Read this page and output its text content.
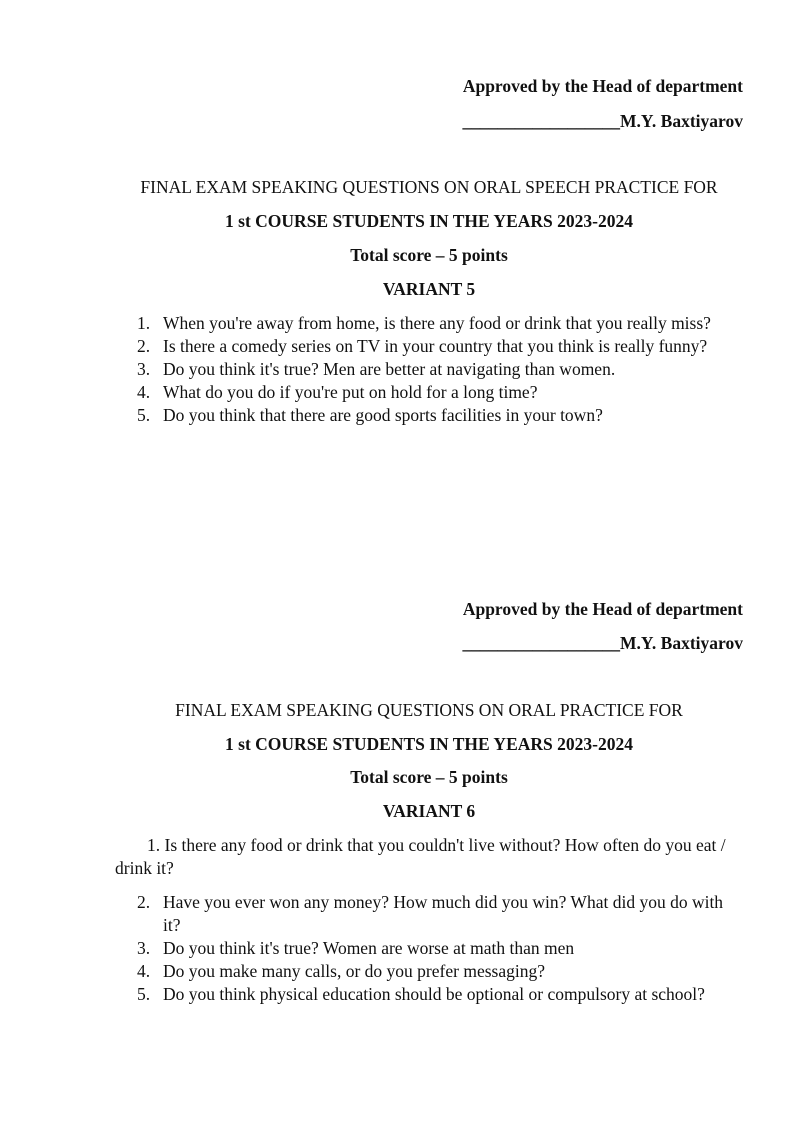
Approved by the Head of department
__________________M.Y. Baxtiyarov
FINAL EXAM SPEAKING QUESTIONS ON ORAL SPEECH PRACTICE FOR
1 st COURSE STUDENTS IN THE YEARS 2023-2024
Total score – 5 points
VARIANT 5
1. When you're away from home, is there any food or drink that you really miss?
2. Is there a comedy series on TV in your country that you think is really funny?
3. Do you think it's true? Men are better at navigating than women.
4. What do you do if you're put on hold for a long time?
5. Do you think that there are good sports facilities in your town?
Approved by the Head of department
__________________M.Y. Baxtiyarov
FINAL EXAM SPEAKING QUESTIONS ON ORAL PRACTICE FOR
1 st COURSE STUDENTS IN THE YEARS 2023-2024
Total score – 5 points
VARIANT 6
1. Is there any food or drink that you couldn't live without? How often do you eat / drink it?
2. Have you ever won any money? How much did you win? What did you do with it?
3. Do you think it's true? Women are worse at math than men
4. Do you make many calls, or do you prefer messaging?
5. Do you think physical education should be optional or compulsory at school?
